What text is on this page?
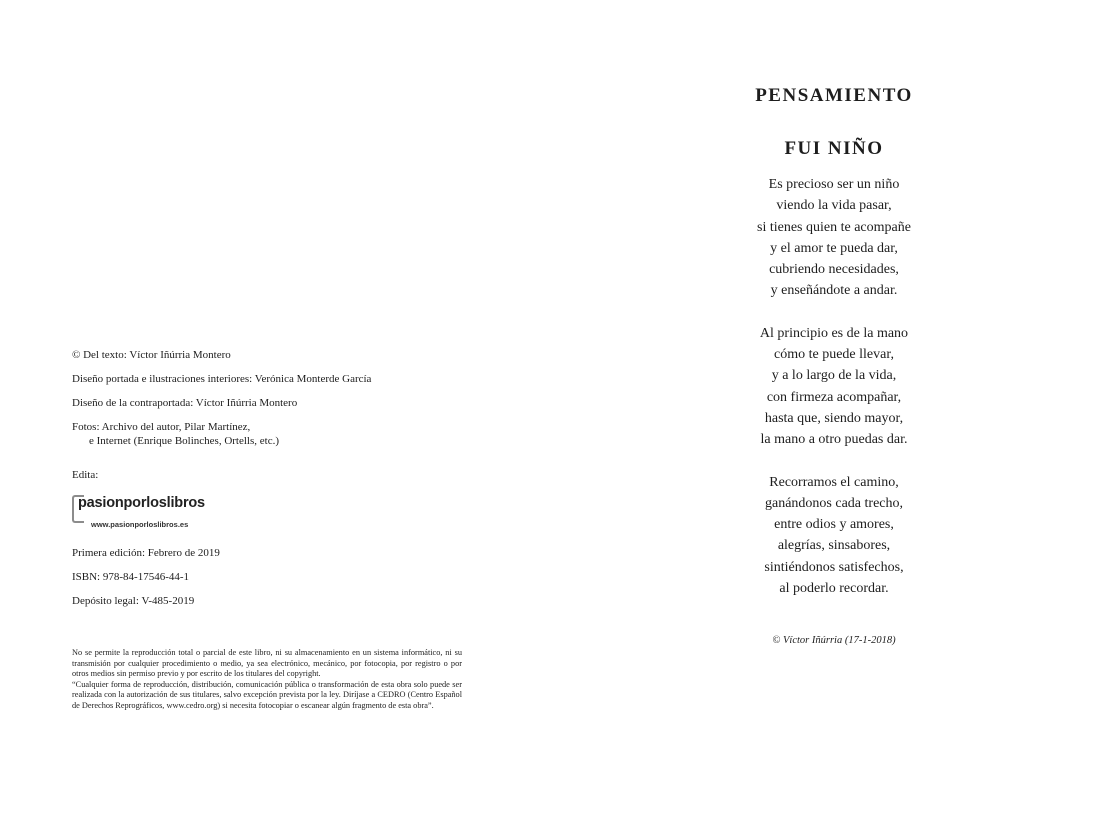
© Del texto: Víctor Iñúrria Montero

Diseño portada e ilustraciones interiores: Verónica Monterde García

Diseño de la contraportada: Víctor Iñúrria Montero

Fotos: Archivo del autor, Pilar Martínez,

e Internet (Enrique Bolinches, Ortells, etc.)

Edita:

pasionporloslibros
www.pasionporloslibros.es

Primera edición: Febrero de 2019

ISBN: 978-84-17546-44-1

Depósito legal: V-485-2019

No se permite la reproducción total o parcial de este libro, ni su almacenamiento en un sistema informático, ni su transmisión por cualquier procedimiento o medio, ya sea electrónico, mecánico, por fotocopia, por registro o por otros medios sin permiso previo y por escrito de los titulares del copyright.

“Cualquier forma de reproducción, distribución, comunicación pública o transformación de esta obra solo puede ser realizada con la autorización de sus titulares, salvo excepción prevista por la ley. Diríjase a CEDRO (Centro Español de Derechos Reprográficos, www.cedro.org) si necesita fotocopiar o escanear algún fragmento de esta obra”.

PENSAMIENTO
FUI NIÑO
Es precioso ser un niño
viendo la vida pasar,
si tienes quien te acompañe
y el amor te pueda dar,
cubriendo necesidades,
y enseñándote a andar.
Al principio es de la mano
cómo te puede llevar,
y a lo largo de la vida,
con firmeza acompañar,
hasta que, siendo mayor,
la mano a otro puedas dar.
Recorramos el camino,
ganándonos cada trecho,
entre odios y amores,
alegrías, sinsabores,
sintiéndonos satisfechos,
al poderlo recordar.
© Víctor Iñúrria (17-1-2018)
